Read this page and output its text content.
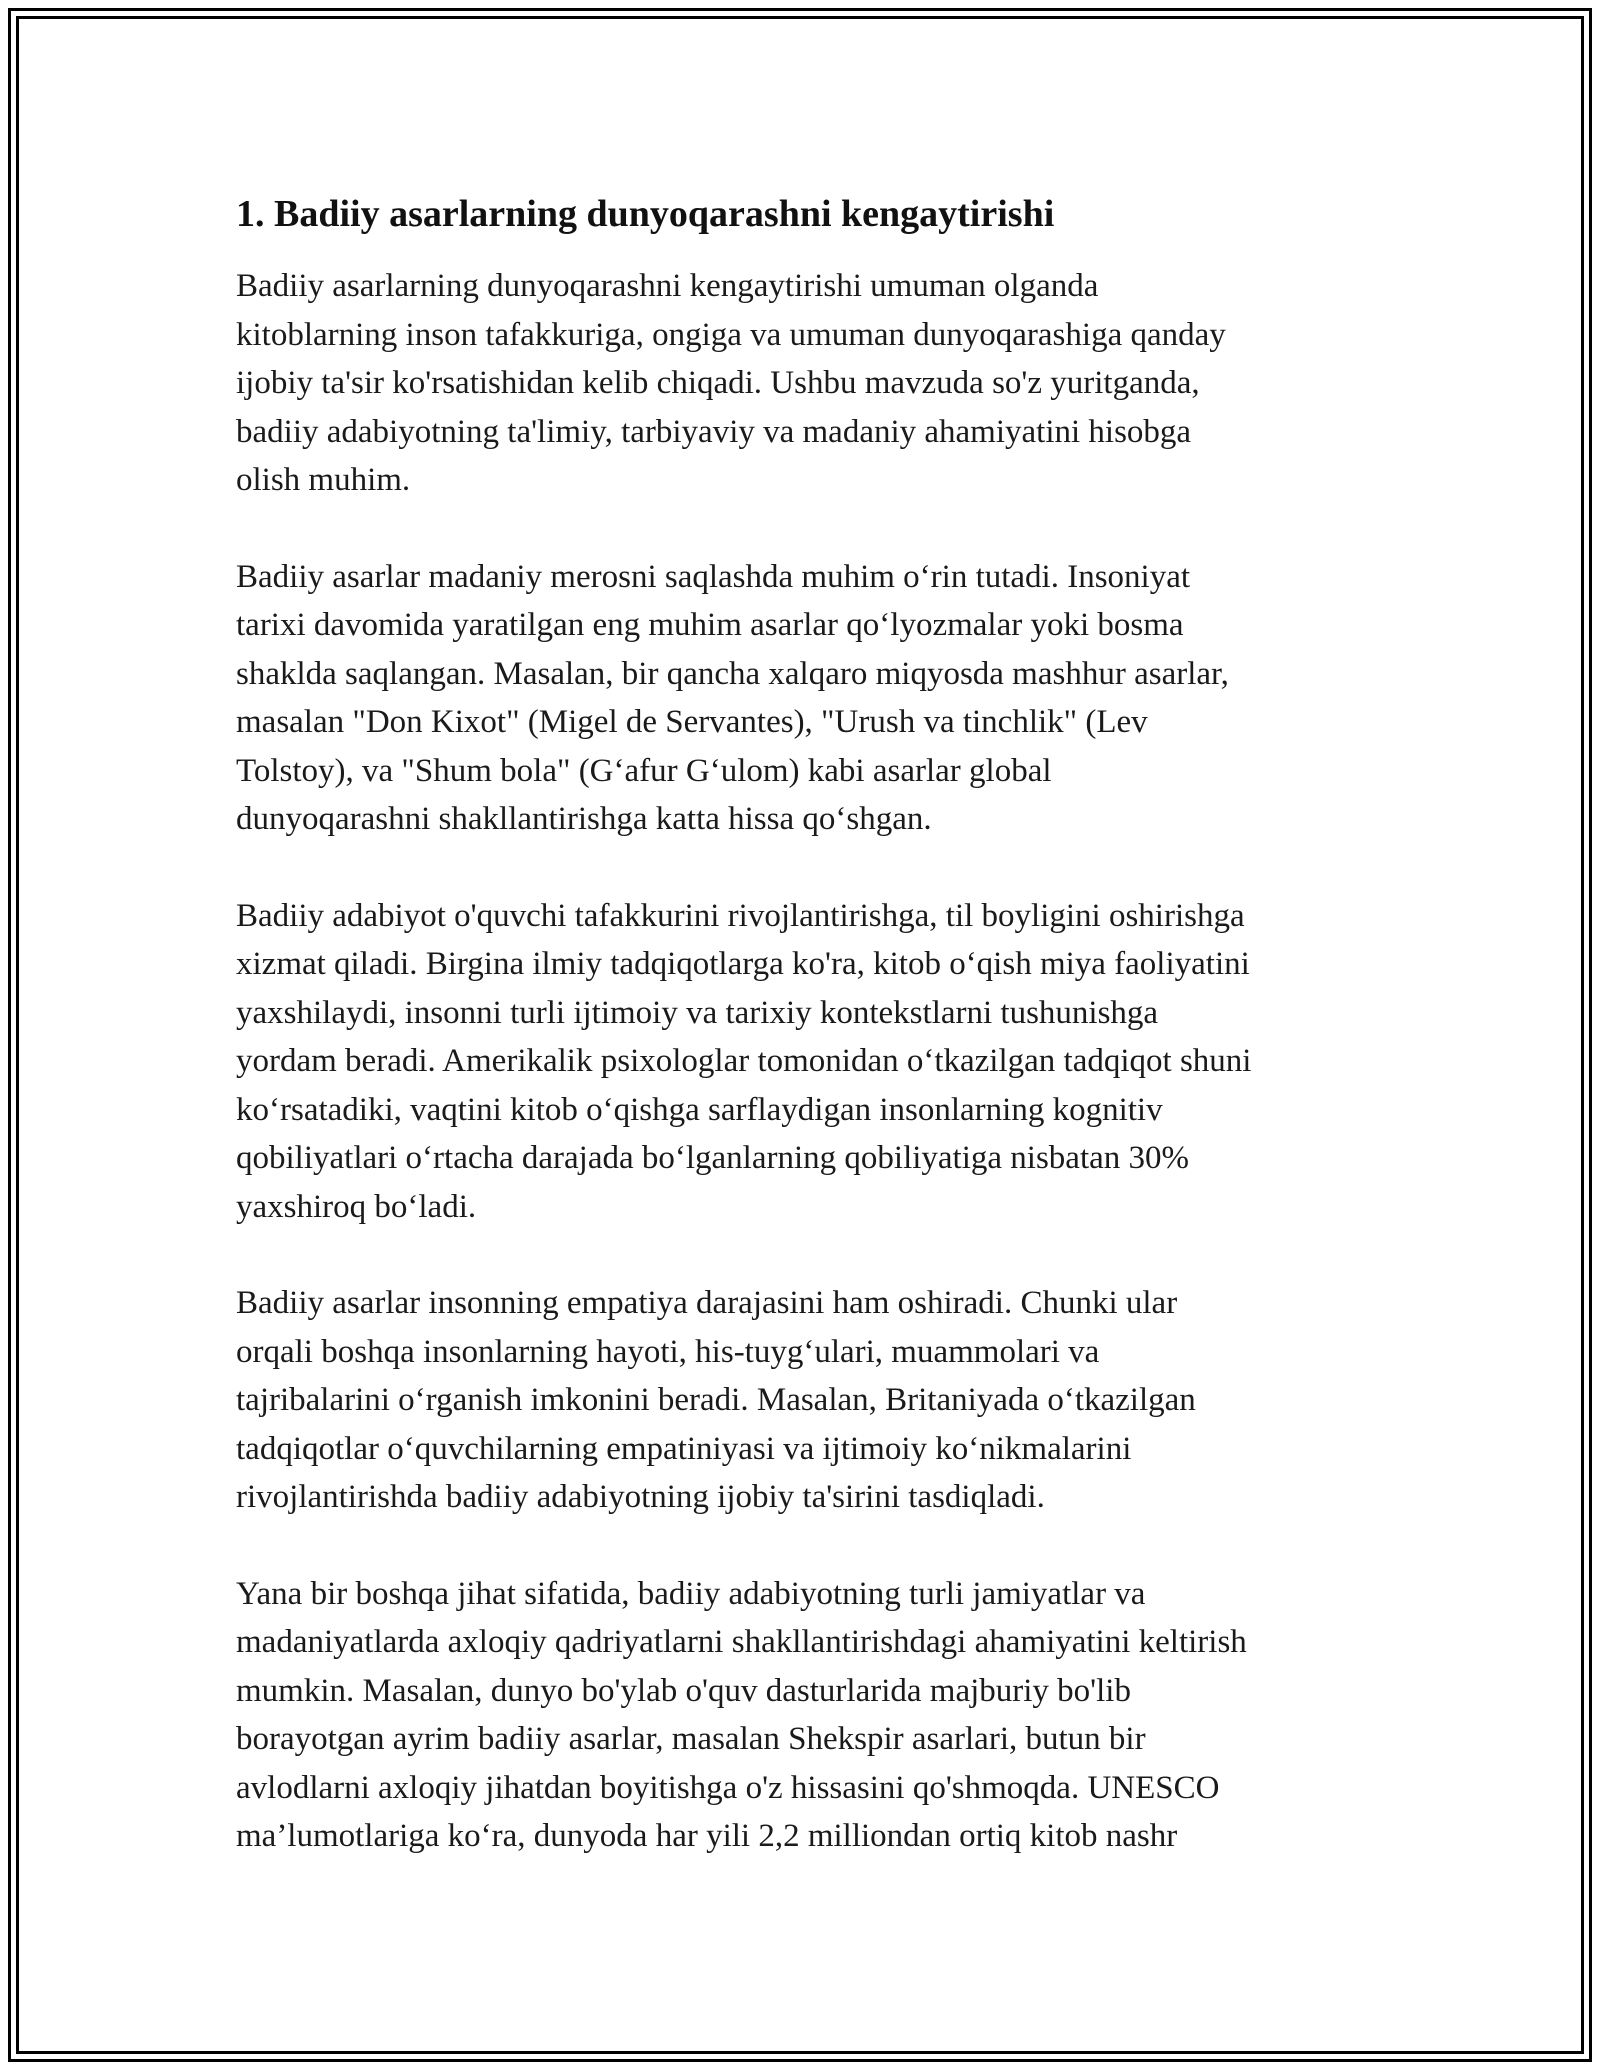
1. Badiiy asarlarning dunyoqarashni kengaytirishi

Badiiy asarlarning dunyoqarashni kengaytirishi umuman olganda
kitoblarning inson tafakkuriga, ongiga va umuman dunyoqarashiga qanday
ijobiy ta'sir ko'rsatishidan kelib chiqadi. Ushbu mavzuda so'z yuritganda,
badiiy adabiyotning ta'limiy, tarbiyaviy va madaniy ahamiyatini hisobga
olish muhim.

Badiiy asarlar madaniy merosni saqlashda muhim o‘rin tutadi. Insoniyat
tarixi davomida yaratilgan eng muhim asarlar qo‘lyozmalar yoki bosma
shaklda saqlangan. Masalan, bir qancha xalqaro miqyosda mashhur asarlar,
masalan "Don Kixot" (Migel de Servantes), "Urush va tinchlik" (Lev
Tolstoy), va "Shum bola" (G‘afur G‘ulom) kabi asarlar global
dunyoqarashni shakllantirishga katta hissa qo‘shgan.

Badiiy adabiyot o'quvchi tafakkurini rivojlantirishga, til boyligini oshirishga
xizmat qiladi. Birgina ilmiy tadqiqotlarga ko'ra, kitob o‘qish miya faoliyatini
yaxshilaydi, insonni turli ijtimoiy va tarixiy kontekstlarni tushunishga
yordam beradi. Amerikalik psixologlar tomonidan o‘tkazilgan tadqiqot shuni
ko‘rsatadiki, vaqtini kitob o‘qishga sarflaydigan insonlarning kognitiv
qobiliyatlari o‘rtacha darajada bo‘lganlarning qobiliyatiga nisbatan 30%
yaxshiroq bo‘ladi.

Badiiy asarlar insonning empatiya darajasini ham oshiradi. Chunki ular
orqali boshqa insonlarning hayoti, his-tuyg‘ulari, muammolari va
tajribalarini o‘rganish imkonini beradi. Masalan, Britaniyada o‘tkazilgan
tadqiqotlar o‘quvchilarning empatiniyasi va ijtimoiy ko‘nikmalarini
rivojlantirishda badiiy adabiyotning ijobiy ta'sirini tasdiqladi.

Yana bir boshqa jihat sifatida, badiiy adabiyotning turli jamiyatlar va
madaniyatlarda axloqiy qadriyatlarni shakllantirishdagi ahamiyatini keltirish
mumkin. Masalan, dunyo bo'ylab o'quv dasturlarida majburiy bo'lib
borayotgan ayrim badiiy asarlar, masalan Shekspir asarlari, butun bir
avlodlarni axloqiy jihatdan boyitishga o'z hissasini qo'shmoqda. UNESCO
ma’lumotlariga ko‘ra, dunyoda har yili 2,2 milliondan ortiq kitob nashr
